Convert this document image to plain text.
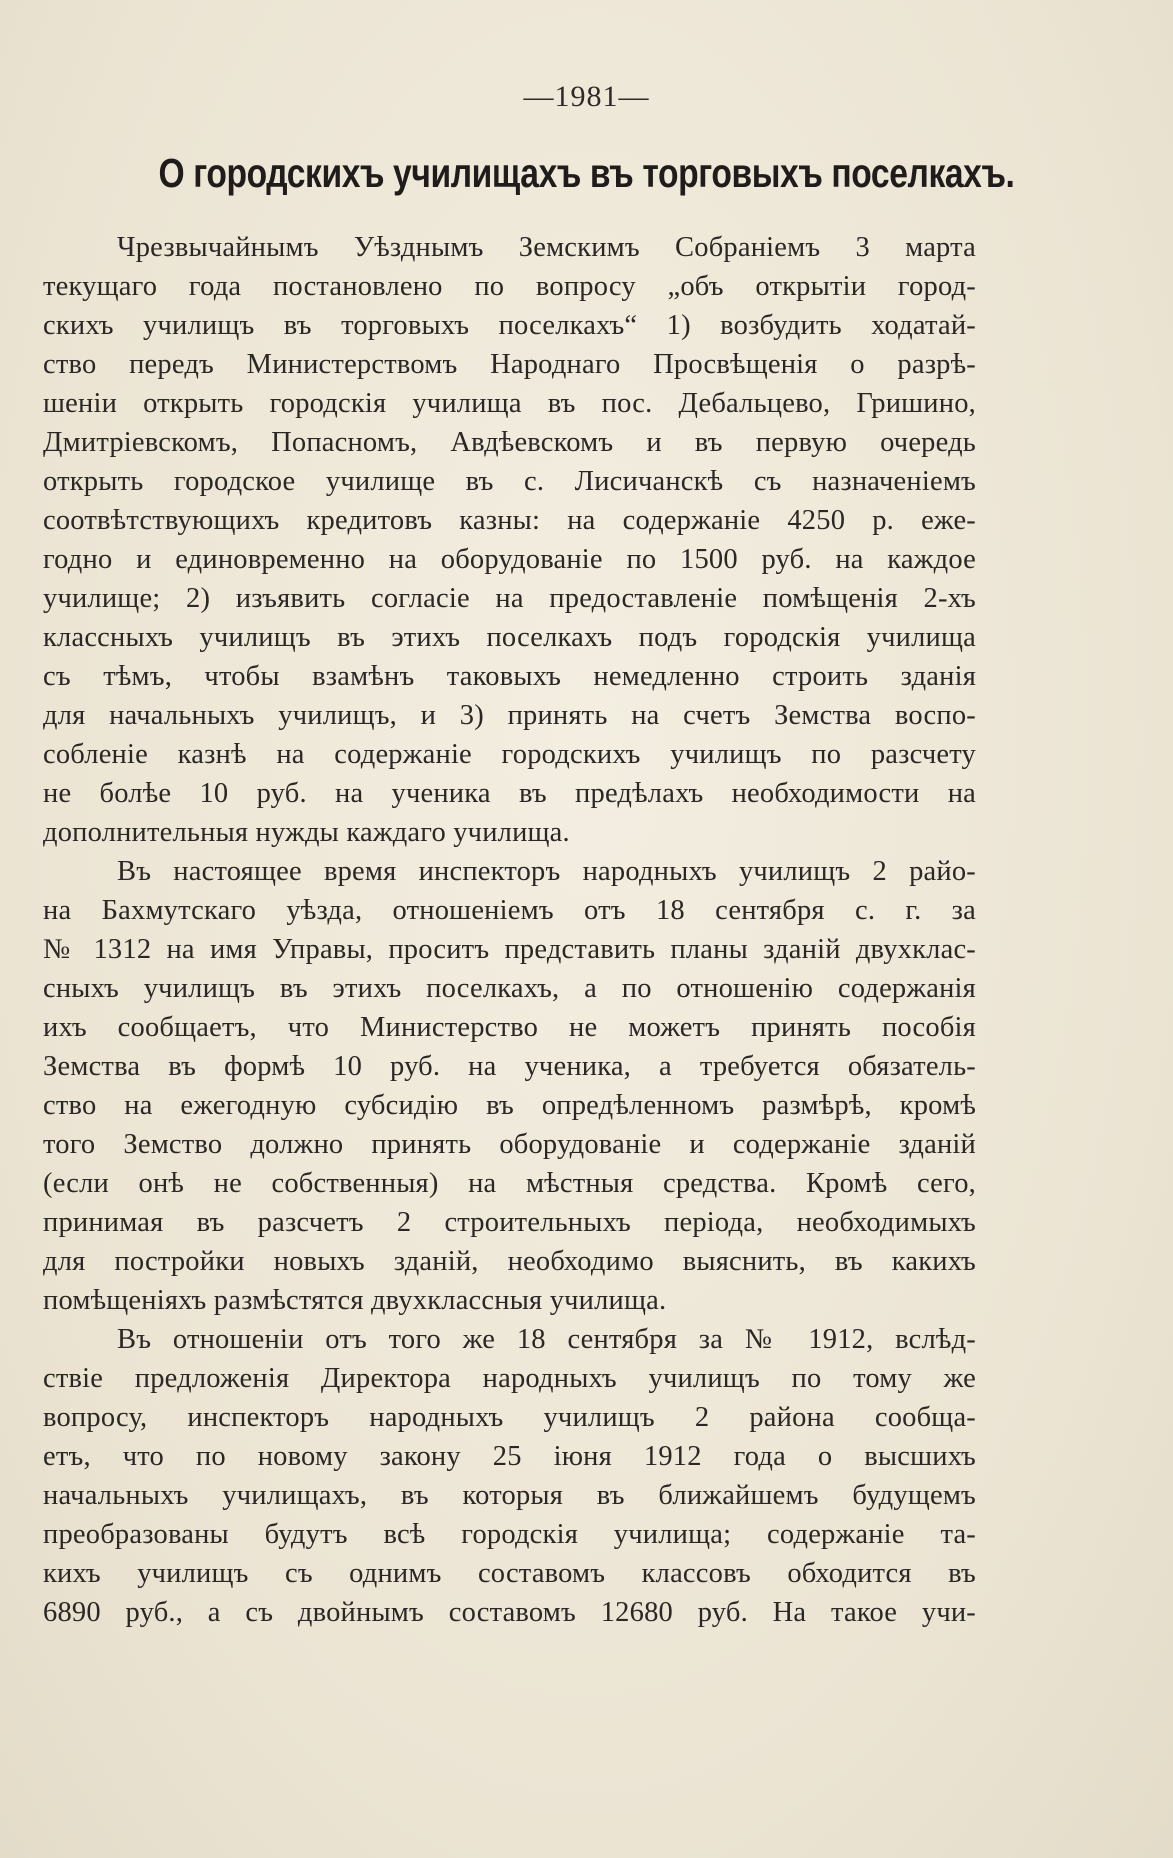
—1981—
О городскихъ училищахъ въ торговыхъ поселкахъ.
Чрезвычайнымъ Уѣзднымъ Земскимъ Собраніемъ 3 марта
текущаго года постановлено по вопросу „объ открытіи город-
скихъ училищъ въ торговыхъ поселкахъ“ 1) возбудить ходатай-
ство передъ Министерствомъ Народнаго Просвѣщенія о разрѣ-
шеніи открыть городскія училища въ пос. Дебальцево, Гришино,
Дмитріевскомъ, Попасномъ, Авдѣевскомъ и въ первую очередь
открыть городское училище въ с. Лисичанскѣ съ назначеніемъ
соотвѣтствующихъ кредитовъ казны: на содержаніе 4250 р. еже-
годно и единовременно на оборудованіе по 1500 руб. на каждое
училище; 2) изъявить согласіе на предоставленіе помѣщенія 2-хъ
классныхъ училищъ въ этихъ поселкахъ подъ городскія училища
съ тѣмъ, чтобы взамѣнъ таковыхъ немедленно строить зданія
для начальныхъ училищъ, и 3) принять на счетъ Земства воспо-
собленіе казнѣ на содержаніе городскихъ училищъ по разсчету
не болѣе 10 руб. на ученика въ предѣлахъ необходимости на
дополнительныя нужды каждаго училища.
Въ настоящее время инспекторъ народныхъ училищъ 2 райо-
на Бахмутскаго уѣзда, отношеніемъ отъ 18 сентября с. г. за
№ 1312 на имя Управы, проситъ представить планы зданій двухклас-
сныхъ училищъ въ этихъ поселкахъ, а по отношенію содержанія
ихъ сообщаетъ, что Министерство не можетъ принять пособія
Земства въ формѣ 10 руб. на ученика, а требуется обязатель-
ство на ежегодную субсидію въ опредѣленномъ размѣрѣ, кромѣ
того Земство должно принять оборудованіе и содержаніе зданій
(если онѣ не собственныя) на мѣстныя средства. Кромѣ сего,
принимая въ разсчетъ 2 строительныхъ періода, необходимыхъ
для постройки новыхъ зданій, необходимо выяснить, въ какихъ
помѣщеніяхъ размѣстятся двухклассныя училища.
Въ отношеніи отъ того же 18 сентября за № 1912, вслѣд-
ствіе предложенія Директора народныхъ училищъ по тому же
вопросу, инспекторъ народныхъ училищъ 2 района сообща-
етъ, что по новому закону 25 іюня 1912 года о высшихъ
начальныхъ училищахъ, въ которыя въ ближайшемъ будущемъ
преобразованы будутъ всѣ городскія училища; содержаніе та-
кихъ училищъ съ однимъ составомъ классовъ обходится въ
6890 руб., а съ двойнымъ составомъ 12680 руб. На такое учи-
